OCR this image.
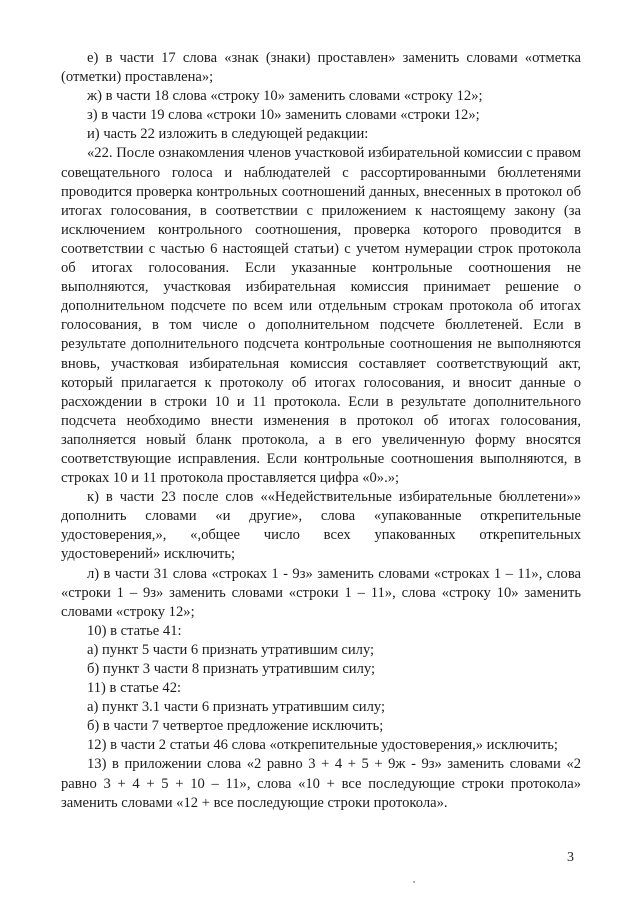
е) в части 17 слова «знак (знаки) проставлен» заменить словами «отметка (отметки) проставлена»;

ж) в части 18 слова «строку 10» заменить словами «строку 12»;

з) в части 19 слова «строки 10» заменить словами «строки 12»;

и) часть 22 изложить в следующей редакции:

«22. После ознакомления членов участковой избирательной комиссии с правом совещательного голоса и наблюдателей с рассортированными бюллетенями проводится проверка контрольных соотношений данных, внесенных в протокол об итогах голосования, в соответствии с приложением к настоящему закону (за исключением контрольного соотношения, проверка которого проводится в соответствии с частью 6 настоящей статьи) с учетом нумерации строк протокола об итогах голосования. Если указанные контрольные соотношения не выполняются, участковая избирательная комиссия принимает решение о дополнительном подсчете по всем или отдельным строкам протокола об итогах голосования, в том числе о дополнительном подсчете бюллетеней. Если в результате дополнительного подсчета контрольные соотношения не выполняются вновь, участковая избирательная комиссия составляет соответствующий акт, который прилагается к протоколу об итогах голосования, и вносит данные о расхождении в строки 10 и 11 протокола. Если в результате дополнительного подсчета необходимо внести изменения в протокол об итогах голосования, заполняется новый бланк протокола, а в его увеличенную форму вносятся соответствующие исправления. Если контрольные соотношения выполняются, в строках 10 и 11 протокола проставляется цифра «0».»;

к) в части 23 после слов ««Недействительные избирательные бюллетени»» дополнить словами «и другие», слова «упакованные открепительные удостоверения,», «,общее число всех упакованных открепительных удостоверений» исключить;

л) в части 31 слова «строках 1 - 9з» заменить словами «строках 1 – 11», слова «строки 1 – 9з» заменить словами «строки 1 – 11», слова «строку 10» заменить словами «строку 12»;

10) в статье 41:

а) пункт 5 части 6 признать утратившим силу;

б) пункт 3 части 8 признать утратившим силу;

11) в статье 42:

а) пункт 3.1 части 6 признать утратившим силу;

б) в части 7 четвертое предложение исключить;

12) в части 2 статьи 46 слова «открепительные удостоверения,» исключить;

13) в приложении слова «2 равно 3 + 4 + 5 + 9ж - 9з» заменить словами «2 равно 3 + 4 + 5 + 10 – 11», слова «10 + все последующие строки протокола» заменить словами «12 + все последующие строки протокола».

3
